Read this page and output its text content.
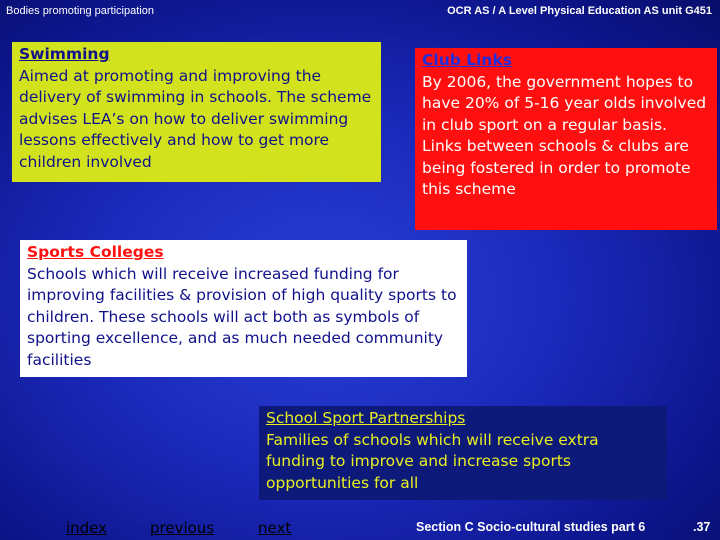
Bodies promoting participation	OCR AS / A Level Physical Education AS unit G451
Swimming
Aimed at promoting and improving the delivery of swimming in schools. The scheme advises LEA’s on how to deliver swimming lessons effectively and how to get more children involved
Club Links
By 2006, the government hopes to have 20% of 5-16 year olds involved in club sport on a regular basis. Links between schools & clubs are being fostered in order to promote this scheme
Sports Colleges
Schools which will receive increased funding for improving facilities & provision of high quality sports to children. These schools will act both as symbols of sporting excellence, and as much needed community facilities
School Sport Partnerships
Families of schools which will receive extra funding to improve and increase sports opportunities for all
index	previous	next	Section C Socio-cultural studies part 6	.37
